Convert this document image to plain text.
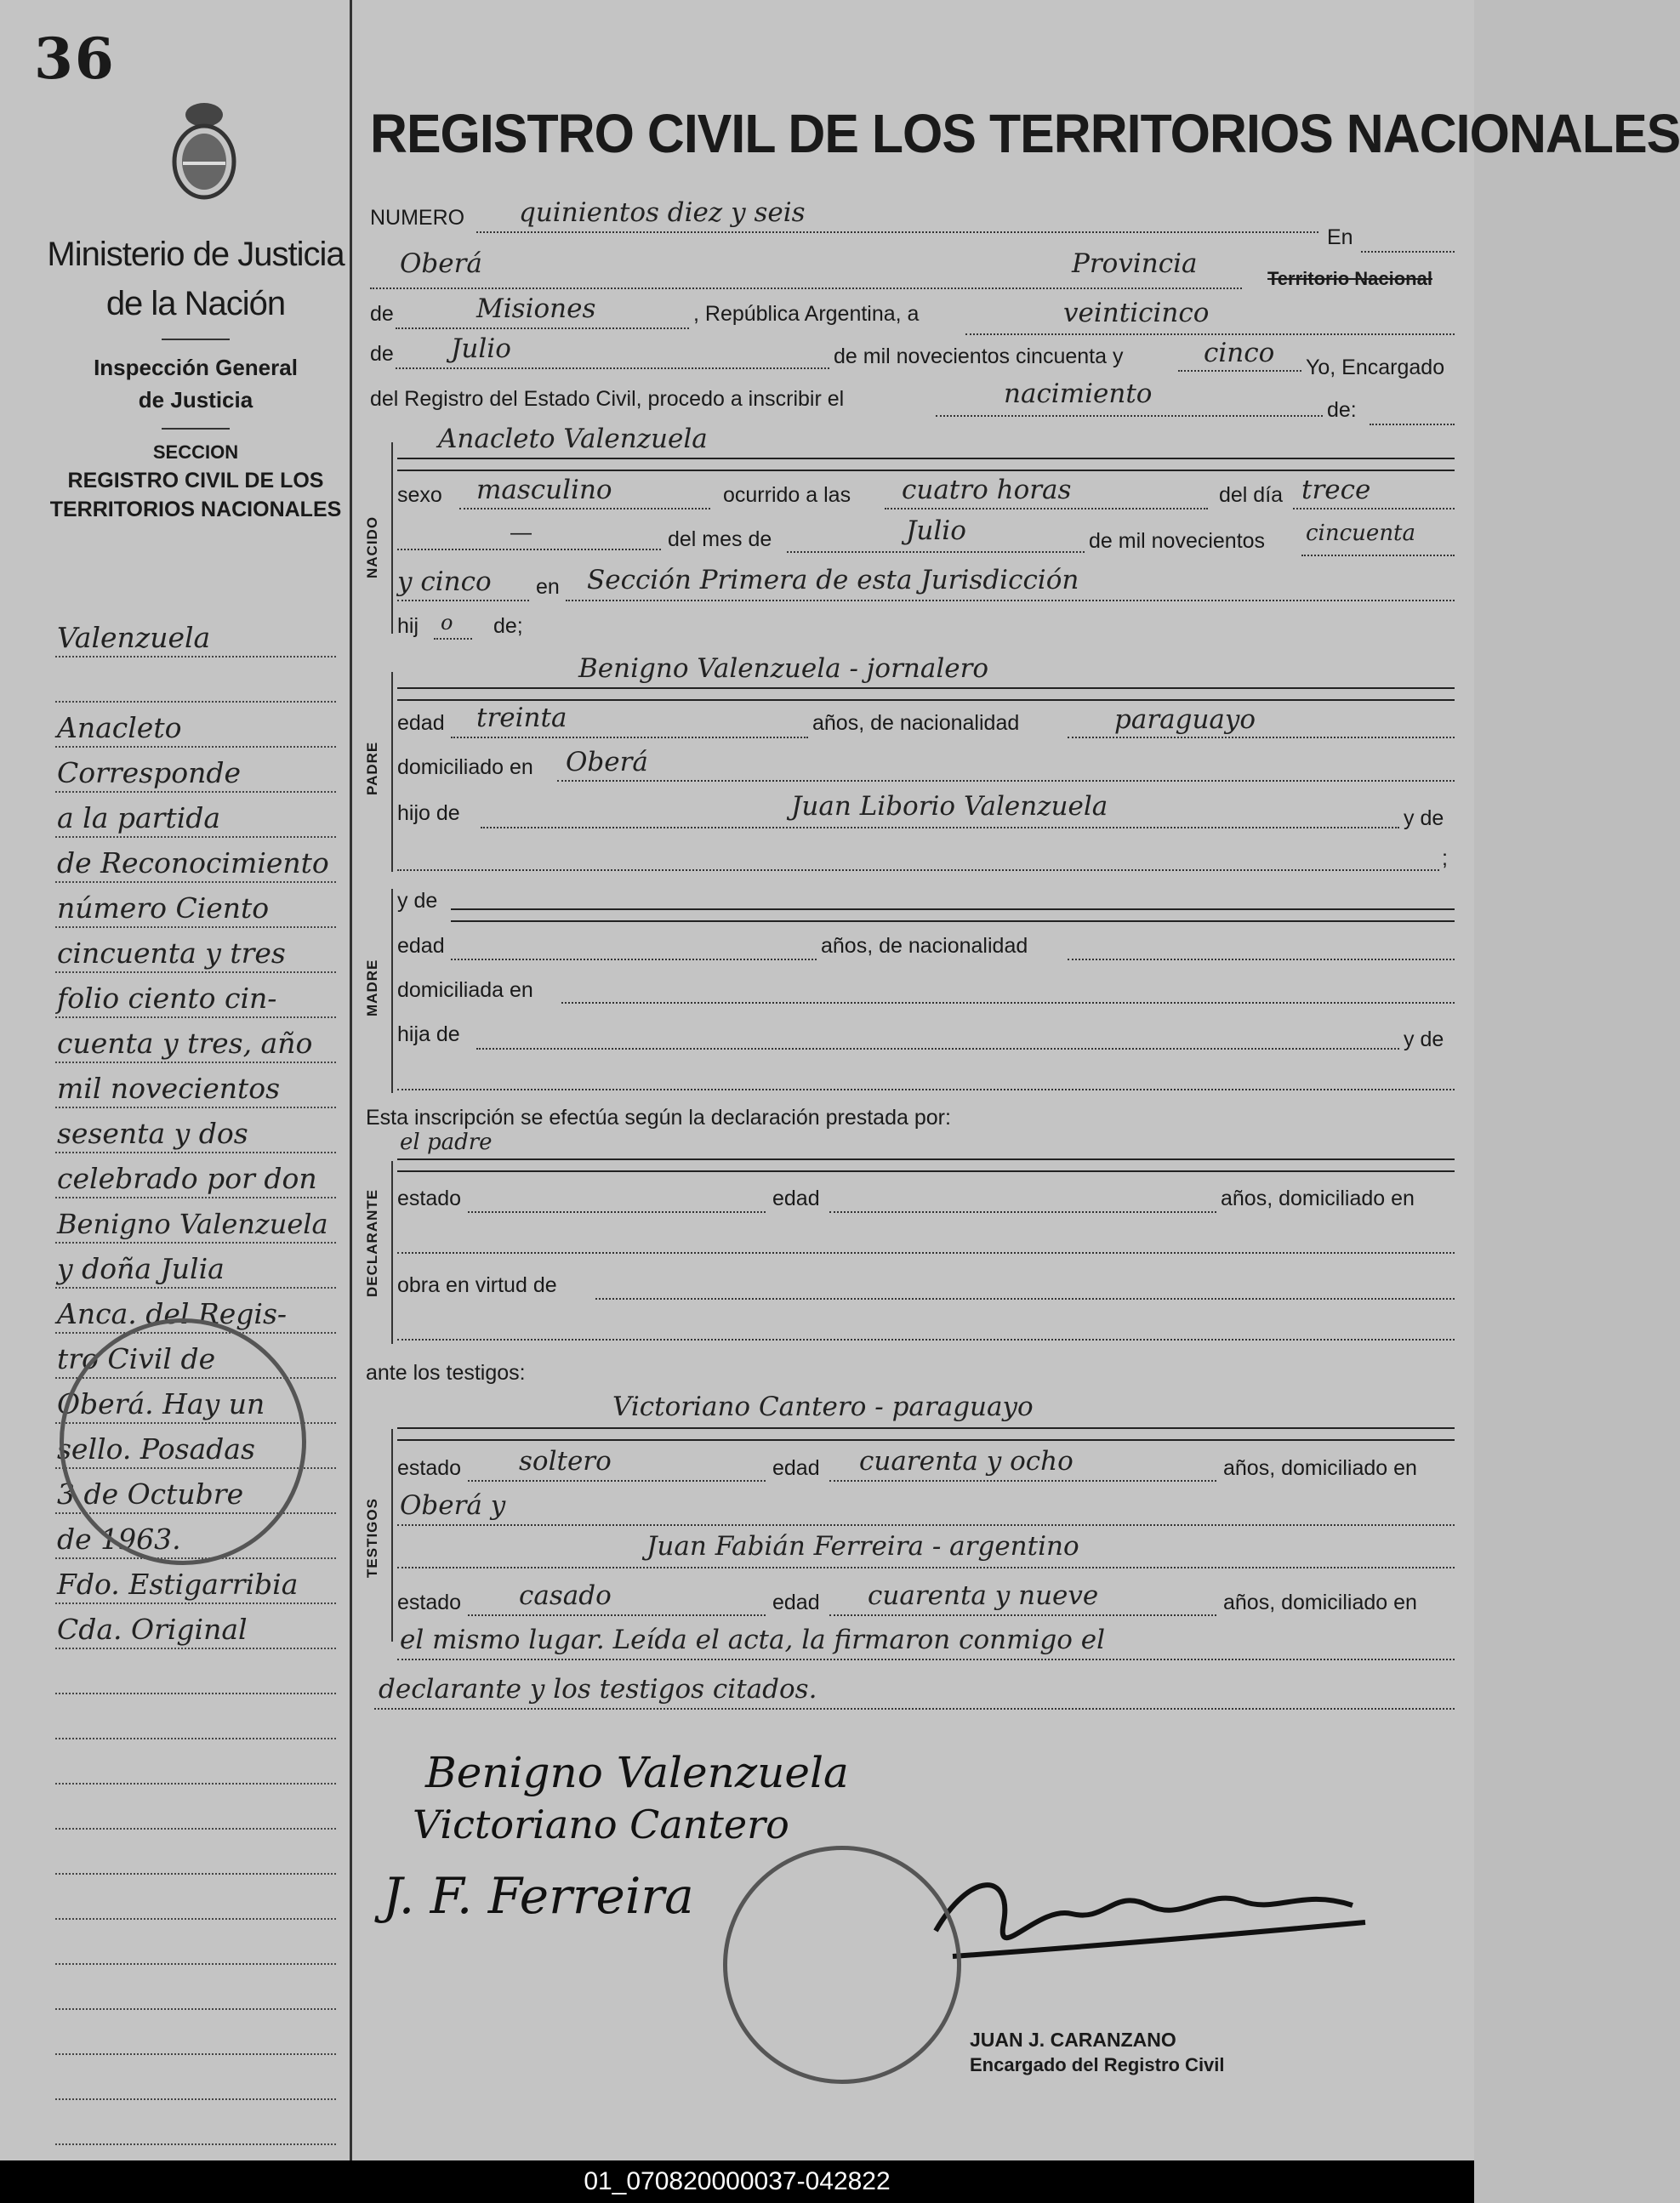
36
Ministerio de Justicia
de la Nación
Inspección General
de Justicia
SECCION
REGISTRO CIVIL DE LOS
TERRITORIOS NACIONALES
Valenzuela
Anacleto
Corresponde
a la partida
de Reconocimiento
número Ciento
cincuenta y tres
folio ciento cin-
cuenta y tres, año
mil novecientos
sesenta y dos
celebrado por don
Benigno Valenzuela
y doña Julia
Anca. del Regis-
tro Civil de
Oberá. Hay un
sello. Posadas
3 de Octubre
de 1963.
Fdo. Estigarribia
Cda. Original
REGISTRO CIVIL DE LOS TERRITORIOS NACIONALES
NUMERO quinientos diez y seis
En
Oberá	Provincia	Territorio Nacional
de	Misiones	, República Argentina, a	veinticinco
de Julio	de mil novecientos cincuenta y	cinco Yo, Encargado
del Registro del Estado Civil, procedo a inscribir el	nacimiento
de:
NACIDO
Anacleto Valenzuela
sexo masculino	ocurrido a las cuatro horas	del día trece
—	del mes de	Julio	de mil novecientos cincuenta
y cinco en Sección Primera de esta Jurisdicción
hij o de;
PADRE
Benigno Valenzuela - jornalero
edad treinta	años, de nacionalidad	paraguayo
domiciliado en Oberá
hijo de	Juan Liborio Valenzuela	y de
;
MADRE
y de
edad	años, de nacionalidad
domiciliada en
hija de	y de
Esta inscripción se efectúa según la declaración prestada por:
el padre
DECLARANTE estado	edad	años, domiciliado en
obra en virtud de
ante los testigos:
Victoriano Cantero - paraguayo
TESTIGOS
estado soltero	edad cuarenta y ocho	años, domiciliado en
Oberá y
Juan Fabián Ferreira - argentino
estado casado	edad cuarenta y nueve	años, domiciliado en
el mismo lugar. Leída el acta, la firmaron conmigo el
declarante y los testigos citados.
Benigno Valenzuela
Victoriano Cantero
J. F. Ferreira
JUAN J. CARANZANO
Encargado del Registro Civil
01_070820000037-042822
